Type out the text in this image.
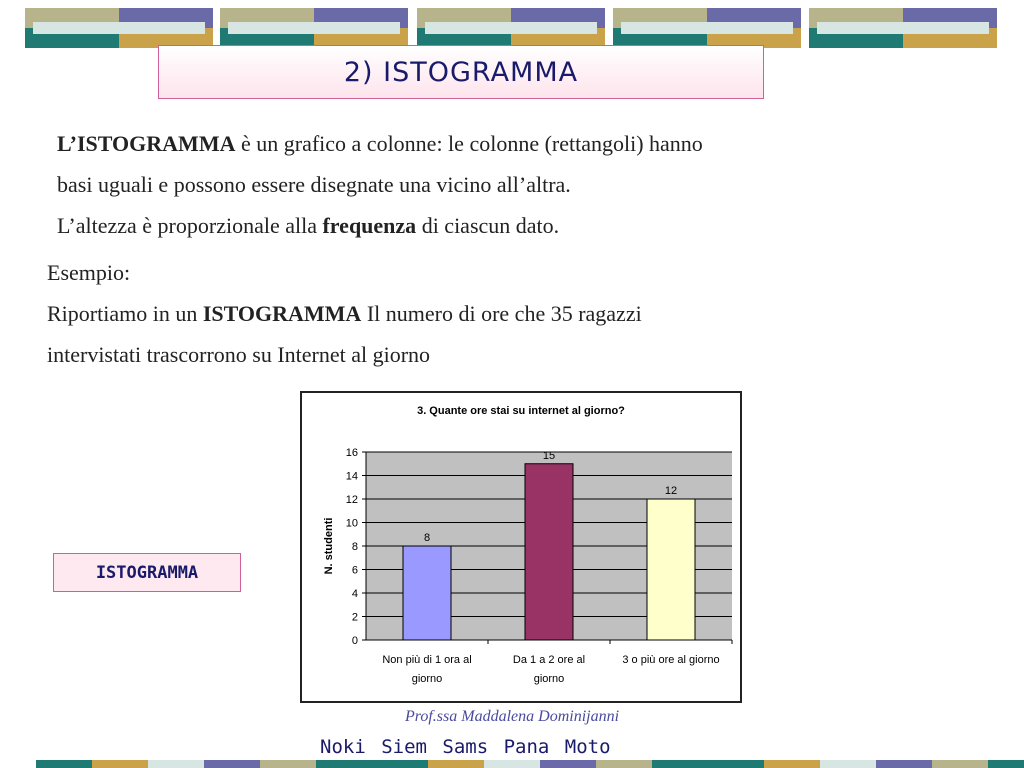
2) ISTOGRAMMA
L’ISTOGRAMMA è un grafico a colonne: le colonne (rettangoli) hanno
basi uguali e possono essere disegnate una vicino all’altra.
L’altezza è proporzionale alla frequenza di ciascun dato.
Esempio:
Riportiamo in un ISTOGRAMMA Il numero di ore che 35 ragazzi
intervistati trascorrono su Internet al giorno
ISTOGRAMMA
3. Quante ore stai su internet al giorno?
0
2
4
6
8
10
12
14
16
8
Non più di 1 ora al
giorno
15
Da 1 a 2 ore al
giorno
12
3 o più ore al giorno
N. studenti
Prof.ssa Maddalena Dominijanni
Noki Siem Sams Pana Moto
